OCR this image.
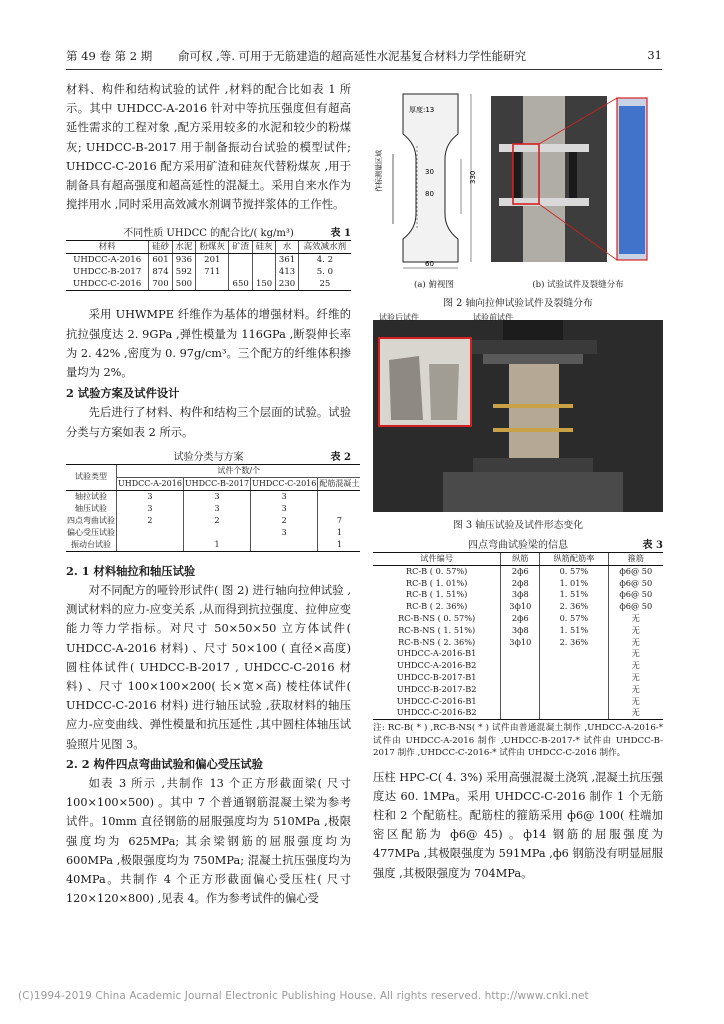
第 49 卷 第 2 期 俞可权 ,等. 可用于无筋建造的超高延性水泥基复合材料力学性能研究	31

材料、构件和结构试验的试件 ,材料的配合比如表 1 所示。其中 UHDCC-A-2016 针对中等抗压强度但有超高延性需求的工程对象 ,配方采用较多的水泥和较少的粉煤灰; UHDCC-B-2017 用于制备振动台试验的模型试件; UHDCC-C-2016 配方采用矿渣和硅灰代替粉煤灰 ,用于制备具有超高强度和超高延性的混凝土。采用自来水作为搅拌用水 ,同时采用高效减水剂调节搅拌浆体的工作性。

不同性质 UHDCC 的配合比/( kg/m³)	表 1
材料	硅砂	水泥	粉煤灰	矿渣	硅灰	水	高效减水剂
UHDCC-A-2016	601	936	201			361	4. 2
UHDCC-B-2017	874	592	711			413	5. 0
UHDCC-C-2016	700	500		650	150	230	25

采用 UHWMPE 纤维作为基体的增强材料。纤维的抗拉强度达 2. 9GPa ,弹性模量为 116GPa ,断裂伸长率为 2. 42% ,密度为 0. 97g/cm³。三个配方的纤维体积掺量均为 2%。

2 试验方案及试件设计

先后进行了材料、构件和结构三个层面的试验。试验分类与方案如表 2 所示。

试验分类与方案	表 2
试验类型	试件个数/个			
	UHDCC-A-2016	UHDCC-B-2017	UHDCC-C-2016	配筋混凝土
轴拉试验	3	3	3	
轴压试验	3	3	3	
四点弯曲试验	2	2	2	7
偏心受压试验			3	1
振动台试验		1		1

2. 1 材料轴拉和轴压试验

对不同配方的哑铃形试件( 图 2) 进行轴向拉伸试验 ,测试材料的应力-应变关系 ,从而得到抗拉强度、拉伸应变能力等力学指标。对尺寸 50×50×50 立方体试件( UHDCC-A-2016 材料) 、尺寸 50×100 ( 直径×高度) 圆柱体试件( UHDCC-B-2017 , UHDCC-C-2016 材料) 、尺寸 100×100×200( 长×宽×高) 棱柱体试件( UHDCC-C-2016 材料) 进行轴压试验 ,获取材料的轴压应力-应变曲线、弹性模量和抗压延性 ,其中圆柱体轴压试验照片见图 3。

2. 2 构件四点弯曲试验和偏心受压试验

如表 3 所示 ,共制作 13 个正方形截面梁( 尺寸 100×100×500) 。其中 7 个普通钢筋混凝土梁为参考试件。10mm 直径钢筋的屈服强度均为 510MPa ,极限强度均为 625MPa; 其余梁钢筋的屈服强度均为 600MPa ,极限强度均为 750MPa; 混凝土抗压强度均为 40MPa。共制作 4 个正方形截面偏心受压柱( 尺寸 120×120×800) ,见表 4。作为参考试件的偏心受

厚度:13
作标测量区域	30
80
60
330
(a) 俯视图	(b) 试验试件及裂缝分布
图 2 轴向拉伸试验试件及裂缝分布
试验后试件	试验前试件
图 3 轴压试验及试件形态变化
四点弯曲试验梁的信息	表 3
试件编号	纵筋	纵筋配筋率	箍筋
RC-B ( 0. 57%)	2ф6	0. 57%	ф6@ 50
RC-B ( 1. 01%)	2ф8	1. 01%	ф6@ 50
RC-B ( 1. 51%)	3ф8	1. 51%	ф6@ 50
RC-B ( 2. 36%)	3ф10	2. 36%	ф6@ 50
RC-B-NS ( 0. 57%)	2ф6	0. 57%	无
RC-B-NS ( 1. 51%)	3ф8	1. 51%	无
RC-B-NS ( 2. 36%)	3ф10	2. 36%	无
UHDCC-A-2016-B1			无
UHDCC-A-2016-B2			无
UHDCC-B-2017-B1			无
UHDCC-B-2017-B2			无
UHDCC-C-2016-B1			无
UHDCC-C-2016-B2			无

注: RC-B( * ) ,RC-B-NS( * ) 试件由普通混凝土制作 ,UHDCC-A-2016-* 试件由 UHDCC-A-2016 制作 ,UHDCC-B-2017-* 试件由 UHDCC-B-2017 制作 ,UHDCC-C-2016-* 试件由 UHDCC-C-2016 制作。

压柱 HPC-C( 4. 3%) 采用高强混凝土浇筑 ,混凝土抗压强度达 60. 1MPa。采用 UHDCC-C-2016 制作 1 个无筋柱和 2 个配筋柱。配筋柱的箍筋采用 ф6@ 100( 柱端加密区配筋为 ф6@ 45) 。ф14 钢筋的屈服强度为 477MPa ,其极限强度为 591MPa ,ф6 钢筋没有明显屈服强度 ,其极限强度为 704MPa。

(C)1994-2019 China Academic Journal Electronic Publishing House. All rights reserved. http://www.cnki.net
